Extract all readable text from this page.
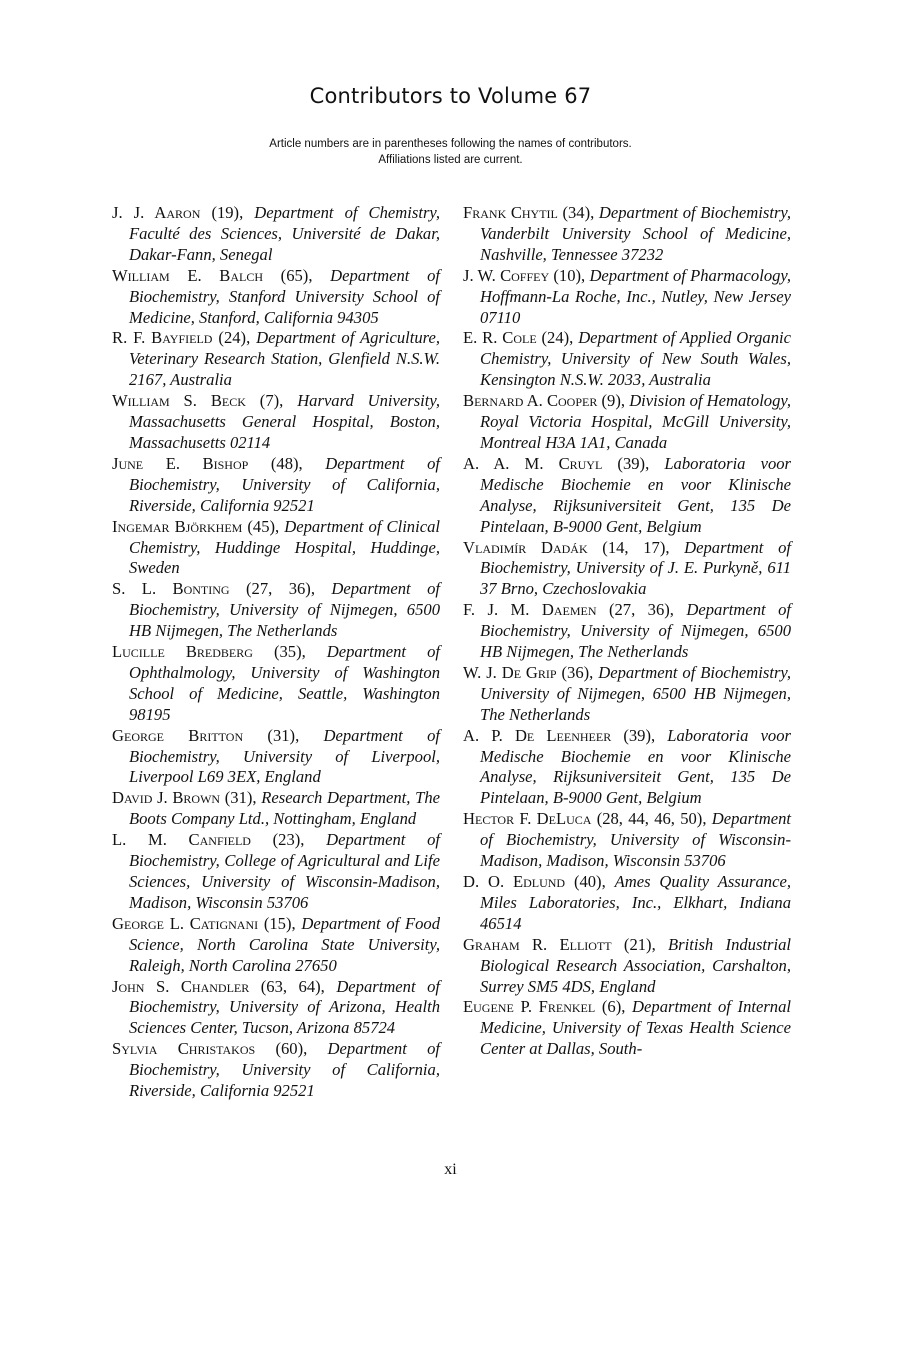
Contributors to Volume 67
Article numbers are in parentheses following the names of contributors.
Affiliations listed are current.

J. J. Aaron (19), Department of Chemistry, Faculté des Sciences, Université de Dakar, Dakar-Fann, Senegal

William E. Balch (65), Department of Biochemistry, Stanford University School of Medicine, Stanford, California 94305

R. F. Bayfield (24), Department of Agriculture, Veterinary Research Station, Glenfield N.S.W. 2167, Australia

William S. Beck (7), Harvard University, Massachusetts General Hospital, Boston, Massachusetts 02114

June E. Bishop (48), Department of Biochemistry, University of California, Riverside, California 92521

Ingemar Björkhem (45), Department of Clinical Chemistry, Huddinge Hospital, Huddinge, Sweden

S. L. Bonting (27, 36), Department of Biochemistry, University of Nijmegen, 6500 HB Nijmegen, The Netherlands

Lucille Bredberg (35), Department of Ophthalmology, University of Washington School of Medicine, Seattle, Washington 98195

George Britton (31), Department of Biochemistry, University of Liverpool, Liverpool L69 3EX, England

David J. Brown (31), Research Department, The Boots Company Ltd., Nottingham, England

L. M. Canfield (23), Department of Biochemistry, College of Agricultural and Life Sciences, University of Wisconsin-Madison, Madison, Wisconsin 53706

George L. Catignani (15), Department of Food Science, North Carolina State University, Raleigh, North Carolina 27650

John S. Chandler (63, 64), Department of Biochemistry, University of Arizona, Health Sciences Center, Tucson, Arizona 85724

Sylvia Christakos (60), Department of Biochemistry, University of California, Riverside, California 92521

Frank Chytil (34), Department of Biochemistry, Vanderbilt University School of Medicine, Nashville, Tennessee 37232

J. W. Coffey (10), Department of Pharmacology, Hoffmann-La Roche, Inc., Nutley, New Jersey 07110

E. R. Cole (24), Department of Applied Organic Chemistry, University of New South Wales, Kensington N.S.W. 2033, Australia

Bernard A. Cooper (9), Division of Hematology, Royal Victoria Hospital, McGill University, Montreal H3A 1A1, Canada

A. A. M. Cruyl (39), Laboratoria voor Medische Biochemie en voor Klinische Analyse, Rijksuniversiteit Gent, 135 De Pintelaan, B-9000 Gent, Belgium

Vladimír Dadák (14, 17), Department of Biochemistry, University of J. E. Purkyně, 611 37 Brno, Czechoslovakia

F. J. M. Daemen (27, 36), Department of Biochemistry, University of Nijmegen, 6500 HB Nijmegen, The Netherlands

W. J. De Grip (36), Department of Biochemistry, University of Nijmegen, 6500 HB Nijmegen, The Netherlands

A. P. De Leenheer (39), Laboratoria voor Medische Biochemie en voor Klinische Analyse, Rijksuniversiteit Gent, 135 De Pintelaan, B-9000 Gent, Belgium

Hector F. DeLuca (28, 44, 46, 50), Department of Biochemistry, University of Wisconsin-Madison, Madison, Wisconsin 53706

D. O. Edlund (40), Ames Quality Assurance, Miles Laboratories, Inc., Elkhart, Indiana 46514

Graham R. Elliott (21), British Industrial Biological Research Association, Carshalton, Surrey SM5 4DS, England

Eugene P. Frenkel (6), Department of Internal Medicine, University of Texas Health Science Center at Dallas, South-

xi
